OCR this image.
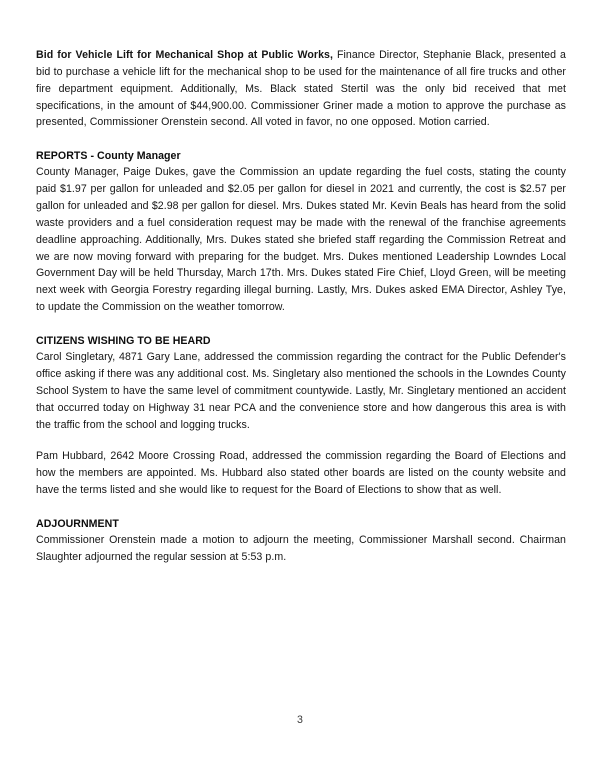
Bid for Vehicle Lift for Mechanical Shop at Public Works, Finance Director, Stephanie Black, presented a bid to purchase a vehicle lift for the mechanical shop to be used for the maintenance of all fire trucks and other fire department equipment. Additionally, Ms. Black stated Stertil was the only bid received that met specifications, in the amount of $44,900.00. Commissioner Griner made a motion to approve the purchase as presented, Commissioner Orenstein second. All voted in favor, no one opposed. Motion carried.

REPORTS - County Manager

County Manager, Paige Dukes, gave the Commission an update regarding the fuel costs, stating the county paid $1.97 per gallon for unleaded and $2.05 per gallon for diesel in 2021 and currently, the cost is $2.57 per gallon for unleaded and $2.98 per gallon for diesel. Mrs. Dukes stated Mr. Kevin Beals has heard from the solid waste providers and a fuel consideration request may be made with the renewal of the franchise agreements deadline approaching. Additionally, Mrs. Dukes stated she briefed staff regarding the Commission Retreat and we are now moving forward with preparing for the budget. Mrs. Dukes mentioned Leadership Lowndes Local Government Day will be held Thursday, March 17th. Mrs. Dukes stated Fire Chief, Lloyd Green, will be meeting next week with Georgia Forestry regarding illegal burning. Lastly, Mrs. Dukes asked EMA Director, Ashley Tye, to update the Commission on the weather tomorrow.

CITIZENS WISHING TO BE HEARD

Carol Singletary, 4871 Gary Lane, addressed the commission regarding the contract for the Public Defender's office asking if there was any additional cost. Ms. Singletary also mentioned the schools in the Lowndes County School System to have the same level of commitment countywide. Lastly, Mr. Singletary mentioned an accident that occurred today on Highway 31 near PCA and the convenience store and how dangerous this area is with the traffic from the school and logging trucks.

Pam Hubbard, 2642 Moore Crossing Road, addressed the commission regarding the Board of Elections and how the members are appointed. Ms. Hubbard also stated other boards are listed on the county website and have the terms listed and she would like to request for the Board of Elections to show that as well.

ADJOURNMENT

Commissioner Orenstein made a motion to adjourn the meeting, Commissioner Marshall second. Chairman Slaughter adjourned the regular session at 5:53 p.m.

3
